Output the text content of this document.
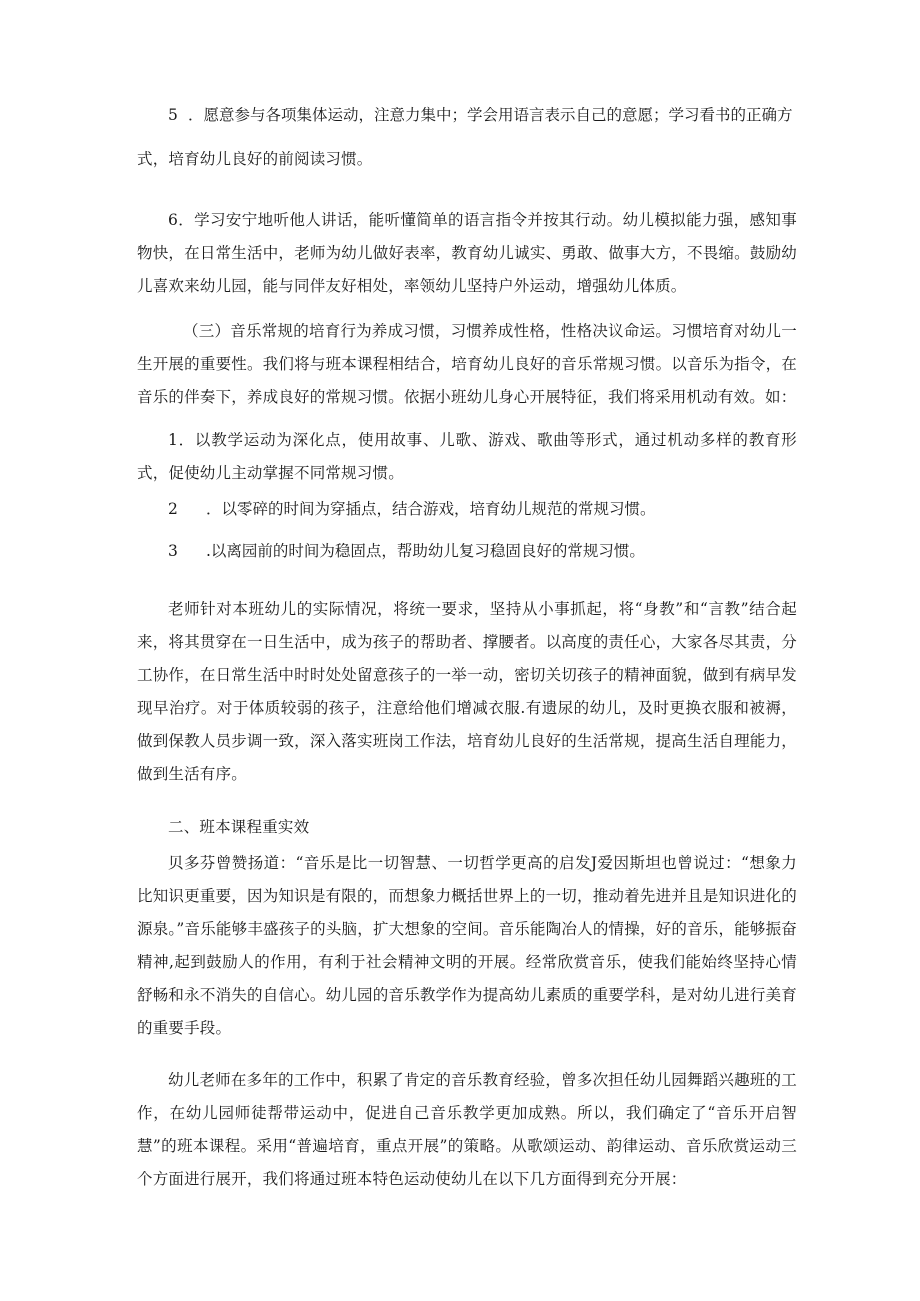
5 ．愿意参与各项集体运动，注意力集中；学会用语言表示自己的意愿；学习看书的正确方

式，培育幼儿良好的前阅读习惯。

6．学习安宁地听他人讲话，能听懂简单的语言指令并按其行动。幼儿模拟能力强，感知事物快，在日常生活中，老师为幼儿做好表率，教育幼儿诚实、勇敢、做事大方，不畏缩。鼓励幼儿喜欢来幼儿园，能与同伴友好相处，率领幼儿坚持户外运动，增强幼儿体质。

（三）音乐常规的培育行为养成习惯，习惯养成性格，性格决议命运。习惯培育对幼儿一生开展的重要性。我们将与班本课程相结合，培育幼儿良好的音乐常规习惯。以音乐为指令，在音乐的伴奏下，养成良好的常规习惯。依据小班幼儿身心开展特征，我们将采用机动有效。如：

1．以教学运动为深化点，使用故事、儿歌、游戏、歌曲等形式，通过机动多样的教育形式，促使幼儿主动掌握不同常规习惯。

2 ．以零碎的时间为穿插点，结合游戏，培育幼儿规范的常规习惯。
3 .以离园前的时间为稳固点，帮助幼儿复习稳固良好的常规习惯。

老师针对本班幼儿的实际情况，将统一要求，坚持从小事抓起，将“身教”和“言教”结合起来，将其贯穿在一日生活中，成为孩子的帮助者、撑腰者。以高度的责任心，大家各尽其责，分工协作，在日常生活中时时处处留意孩子的一举一动，密切关切孩子的精神面貌，做到有病早发现早治疗。对于体质较弱的孩子，注意给他们增减衣服.有遗尿的幼儿，及时更换衣服和被褥，做到保教人员步调一致，深入落实班岗工作法，培育幼儿良好的生活常规，提高生活自理能力，做到生活有序。

二、班本课程重实效

贝多芬曾赞扬道：“音乐是比一切智慧、一切哲学更高的启发J爱因斯坦也曾说过：“想象力比知识更重要，因为知识是有限的，而想象力概括世界上的一切，推动着先进并且是知识进化的源泉。”音乐能够丰盛孩子的头脑，扩大想象的空间。音乐能陶冶人的情操，好的音乐，能够振奋精神,起到鼓励人的作用，有利于社会精神文明的开展。经常欣赏音乐，使我们能始终坚持心情舒畅和永不消失的自信心。幼儿园的音乐教学作为提高幼儿素质的重要学科，是对幼儿进行美育的重要手段。

幼儿老师在多年的工作中，积累了肯定的音乐教育经验，曾多次担任幼儿园舞蹈兴趣班的工作，在幼儿园师徒帮带运动中，促进自己音乐教学更加成熟。所以，我们确定了“音乐开启智慧”的班本课程。采用“普遍培育，重点开展”的策略。从歌颂运动、韵律运动、音乐欣赏运动三个方面进行展开，我们将通过班本特色运动使幼儿在以下几方面得到充分开展：
